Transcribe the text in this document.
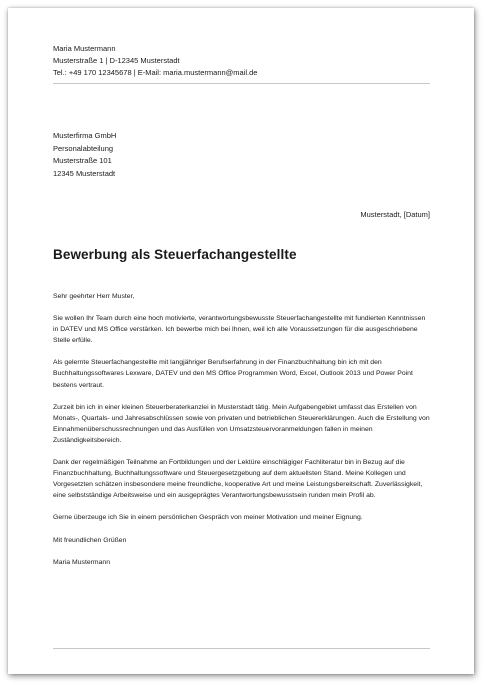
Maria Mustermann
Musterstraße 1 | D-12345 Musterstadt
Tel.: +49 170 12345678 | E-Mail: maria.mustermann@mail.de
Musterfirma GmbH
Personalabteilung
Musterstraße 101
12345 Musterstadt
Musterstadt, [Datum]
Bewerbung als Steuerfachangestellte

Sehr geehrter Herr Muster,

Sie wollen Ihr Team durch eine hoch motivierte, verantwortungsbewusste Steuerfachangestellte mit fundierten Kenntnissen in DATEV und MS Office verstärken. Ich bewerbe mich bei Ihnen, weil ich alle Voraussetzungen für die ausgeschriebene Stelle erfülle.

Als gelernte Steuerfachangestellte mit langjähriger Berufserfahrung in der Finanzbuchhaltung bin ich mit den Buchhaltungssoftwares Lexware, DATEV und den MS Office Programmen Word, Excel, Outlook 2013 und Power Point bestens vertraut.

Zurzeit bin ich in einer kleinen Steuerberaterkanzlei in Musterstadt tätig. Mein Aufgabengebiet umfasst das Erstellen von Monats-, Quartals- und Jahresabschlüssen sowie von privaten und betrieblichen Steuererklärungen. Auch die Erstellung von Einnahmenüberschussrechnungen und das Ausfüllen von Umsatzsteuervoranmeldungen fallen in meinen Zuständigkeitsbereich.

Dank der regelmäßigen Teilnahme an Fortbildungen und der Lektüre einschlägiger Fachliteratur bin in Bezug auf die Finanzbuchhaltung, Buchhaltungssoftware und Steuergesetzgebung auf dem aktuellsten Stand. Meine Kollegen und Vorgesetzten schätzen insbesondere meine freundliche, kooperative Art und meine Leistungsbereitschaft. Zuverlässigkeit, eine selbstständige Arbeitsweise und ein ausgeprägtes Verantwortungsbewusstsein runden mein Profil ab.

Gerne überzeuge ich Sie in einem persönlichen Gespräch von meiner Motivation und meiner Eignung.

Mit freundlichen Grüßen

Maria Mustermann
